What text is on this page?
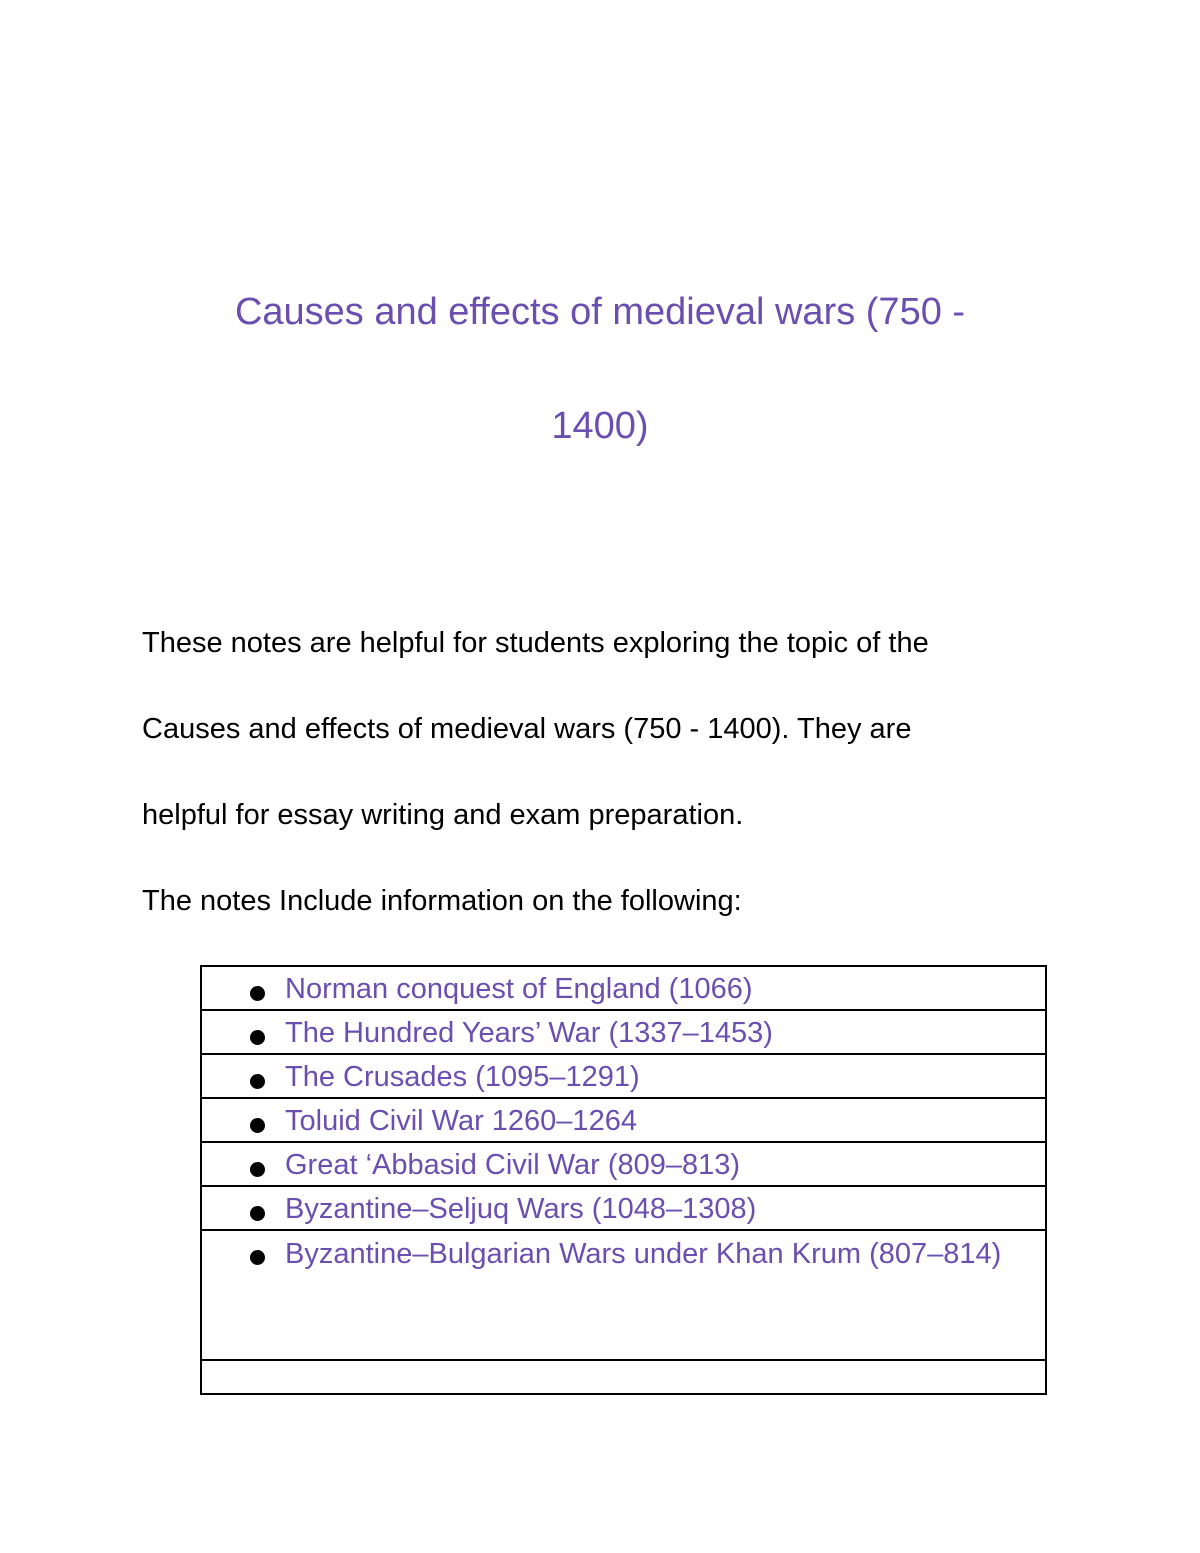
Causes and effects of medieval wars (750 -
1400)

These notes are helpful for students exploring the topic of the
Causes and effects of medieval wars (750 - 1400). They are
helpful for essay writing and exam preparation.

The notes Include information on the following:

Norman conquest of England (1066)

The Hundred Years’ War (1337–1453)

The Crusades (1095–1291)

Toluid Civil War 1260–1264

Great ‘Abbasid Civil War (809–813)

Byzantine–Seljuq Wars (1048–1308)

Byzantine–Bulgarian Wars under Khan Krum (807–814)
